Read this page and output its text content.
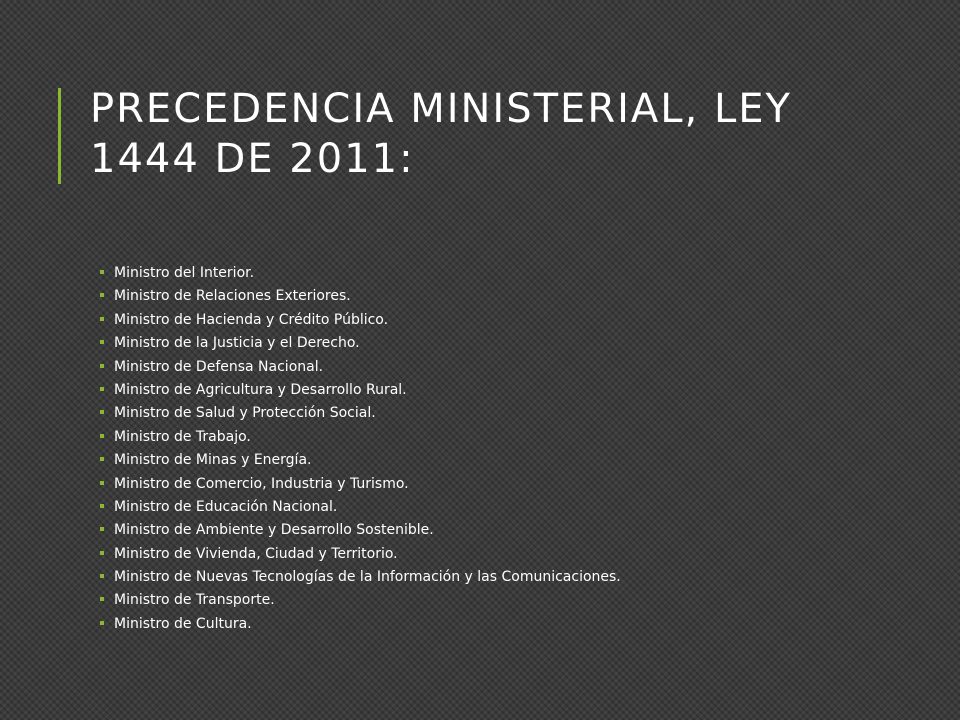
PRECEDENCIA MINISTERIAL, LEY 1444 DE 2011:
Ministro del Interior.
Ministro de Relaciones Exteriores.
Ministro de Hacienda y Crédito Público.
Ministro de la Justicia y el Derecho.
Ministro de Defensa Nacional.
Ministro de Agricultura y Desarrollo Rural.
Ministro de Salud y Protección Social.
Ministro de Trabajo.
Ministro de Minas y Energía.
Ministro de Comercio, Industria y Turismo.
Ministro de Educación Nacional.
Ministro de Ambiente y Desarrollo Sostenible.
Ministro de Vivienda, Ciudad y Territorio.
Ministro de Nuevas Tecnologías de la Información y las Comunicaciones.
Ministro de Transporte.
Ministro de Cultura.
